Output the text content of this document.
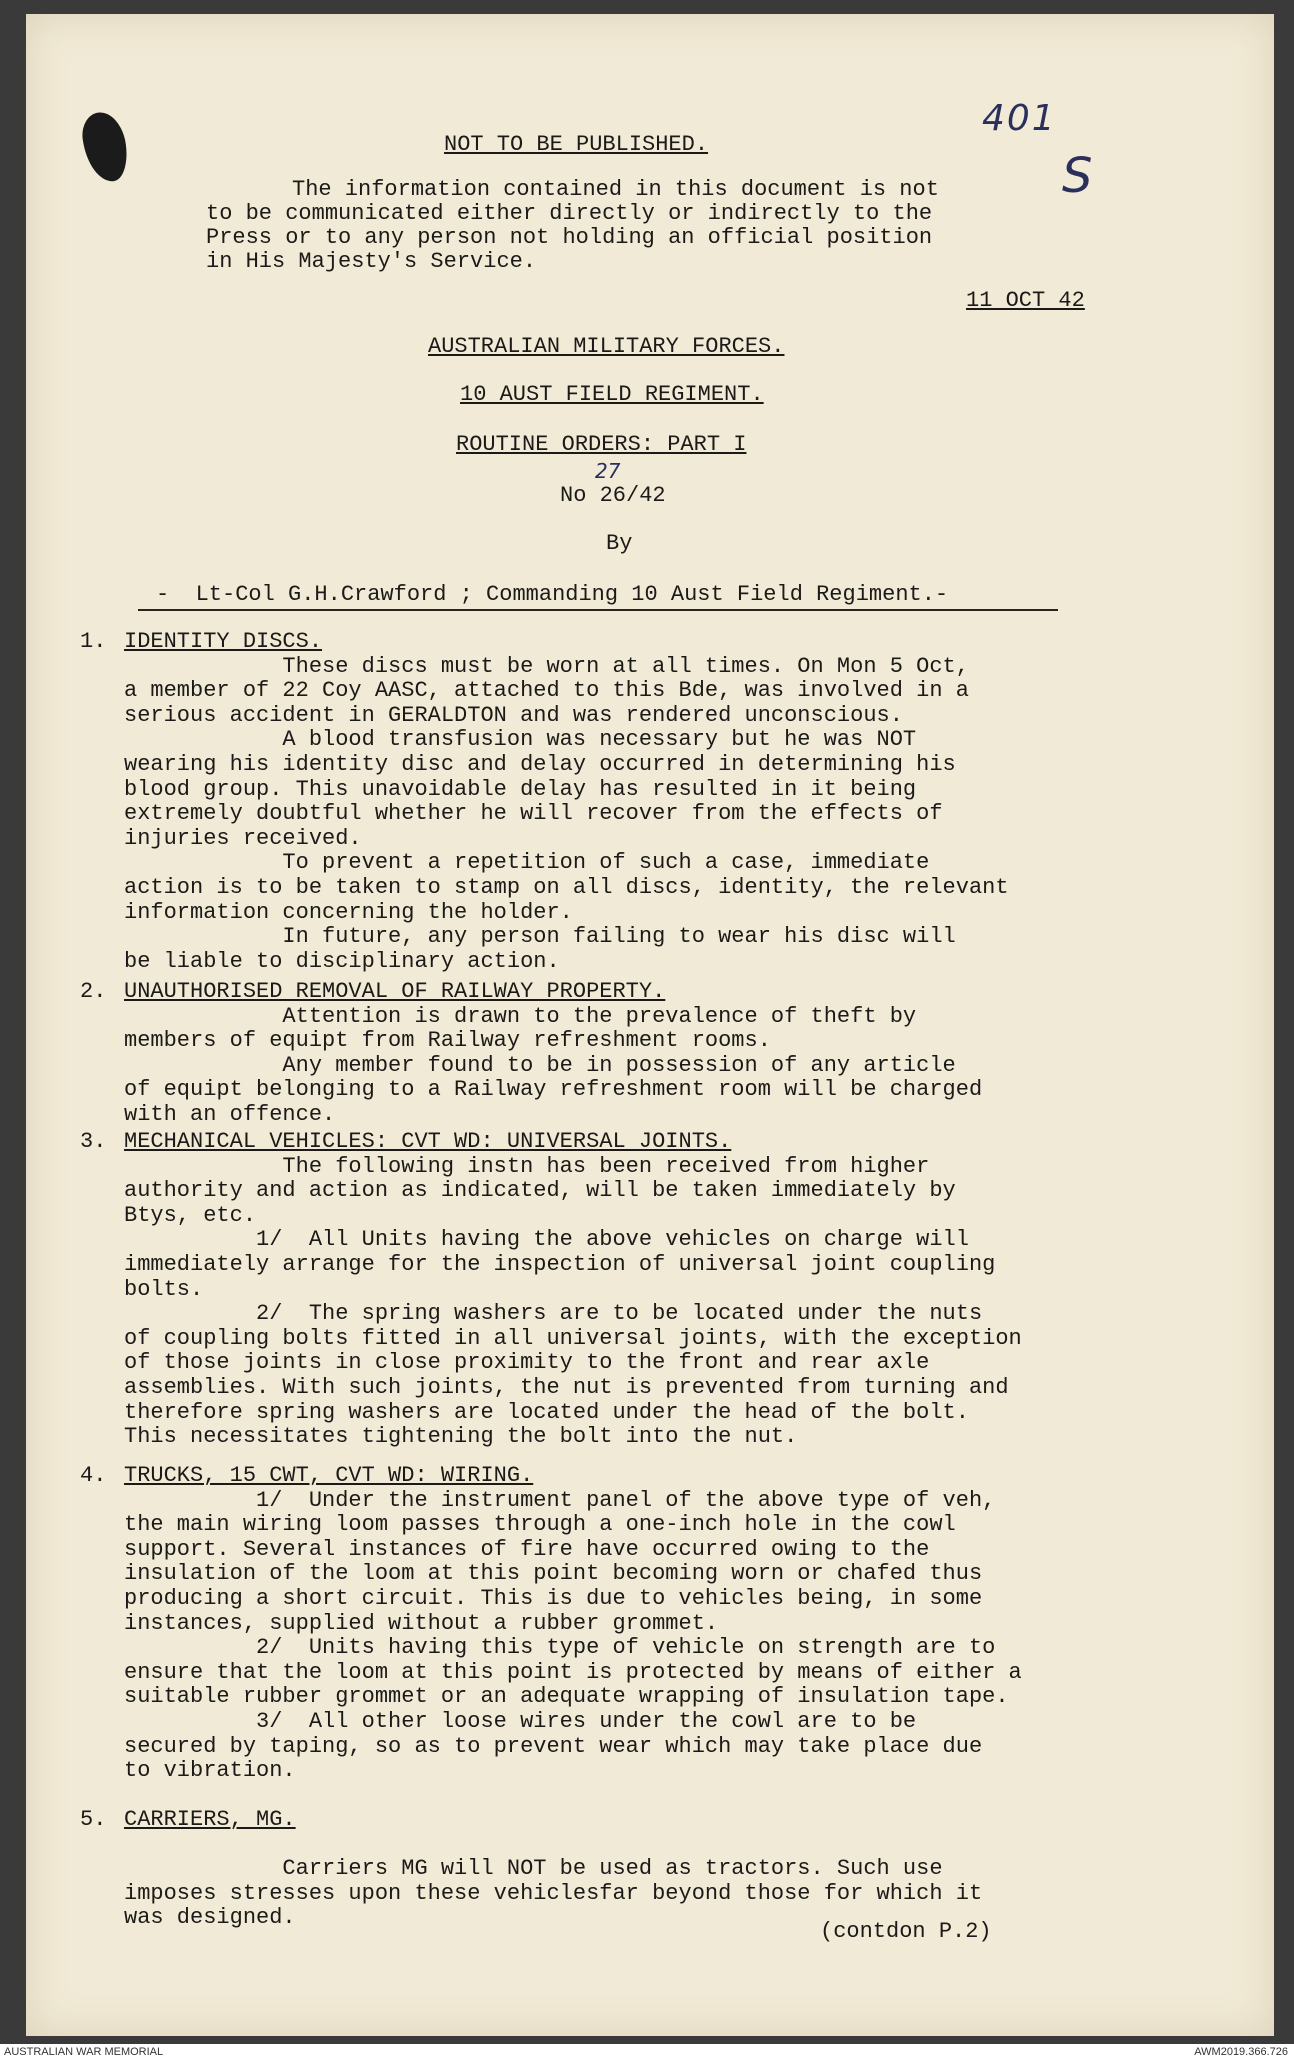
401
S
NOT TO BE PUBLISHED.
The information contained in this document is not
to be communicated either directly or indirectly to the
Press or to any person not holding an official position
in His Majesty's Service.
11 OCT 42
AUSTRALIAN MILITARY FORCES.
10 AUST FIELD REGIMENT.
ROUTINE ORDERS: PART I
27
No 26/42
By
-  Lt-Col G.H.Crawford ; Commanding 10 Aust Field Regiment.-
1. IDENTITY DISCS.
These discs must be worn at all times. On Mon 5 Oct,
a member of 22 Coy AASC, attached to this Bde, was involved in a
serious accident in GERALDTON and was rendered unconscious.
A blood transfusion was necessary but he was NOT
wearing his identity disc and delay occurred in determining his
blood group. This unavoidable delay has resulted in it being
extremely doubtful whether he will recover from the effects of
injuries received.
To prevent a repetition of such a case, immediate
action is to be taken to stamp on all discs, identity, the relevant
information concerning the holder.
In future, any person failing to wear his disc will
be liable to disciplinary action.
2. UNAUTHORISED REMOVAL OF RAILWAY PROPERTY.
Attention is drawn to the prevalence of theft by
members of equipt from Railway refreshment rooms.
Any member found to be in possession of any article
of equipt belonging to a Railway refreshment room will be charged
with an offence.
3. MECHANICAL VEHICLES: CVT WD: UNIVERSAL JOINTS.
The following instn has been received from higher
authority and action as indicated, will be taken immediately by
Btys, etc.
1/  All Units having the above vehicles on charge will
immediately arrange for the inspection of universal joint coupling
bolts.
2/  The spring washers are to be located under the nuts
of coupling bolts fitted in all universal joints, with the exception
of those joints in close proximity to the front and rear axle
assemblies. With such joints, the nut is prevented from turning and
therefore spring washers are located under the head of the bolt.
This necessitates tightening the bolt into the nut.
4. TRUCKS, 15 CWT, CVT WD: WIRING.
1/  Under the instrument panel of the above type of veh,
the main wiring loom passes through a one-inch hole in the cowl
support. Several instances of fire have occurred owing to the
insulation of the loom at this point becoming worn or chafed thus
producing a short circuit. This is due to vehicles being, in some
instances, supplied without a rubber grommet.
2/  Units having this type of vehicle on strength are to
ensure that the loom at this point is protected by means of either a
suitable rubber grommet or an adequate wrapping of insulation tape.
3/  All other loose wires under the cowl are to be
secured by taping, so as to prevent wear which may take place due
to vibration.
5. CARRIERS, MG.
Carriers MG will NOT be used as tractors. Such use
imposes stresses upon these vehiclesfar beyond those for which it
was designed.
(contdon P.2)
AUSTRALIAN WAR MEMORIAL	AWM2019.366.726
